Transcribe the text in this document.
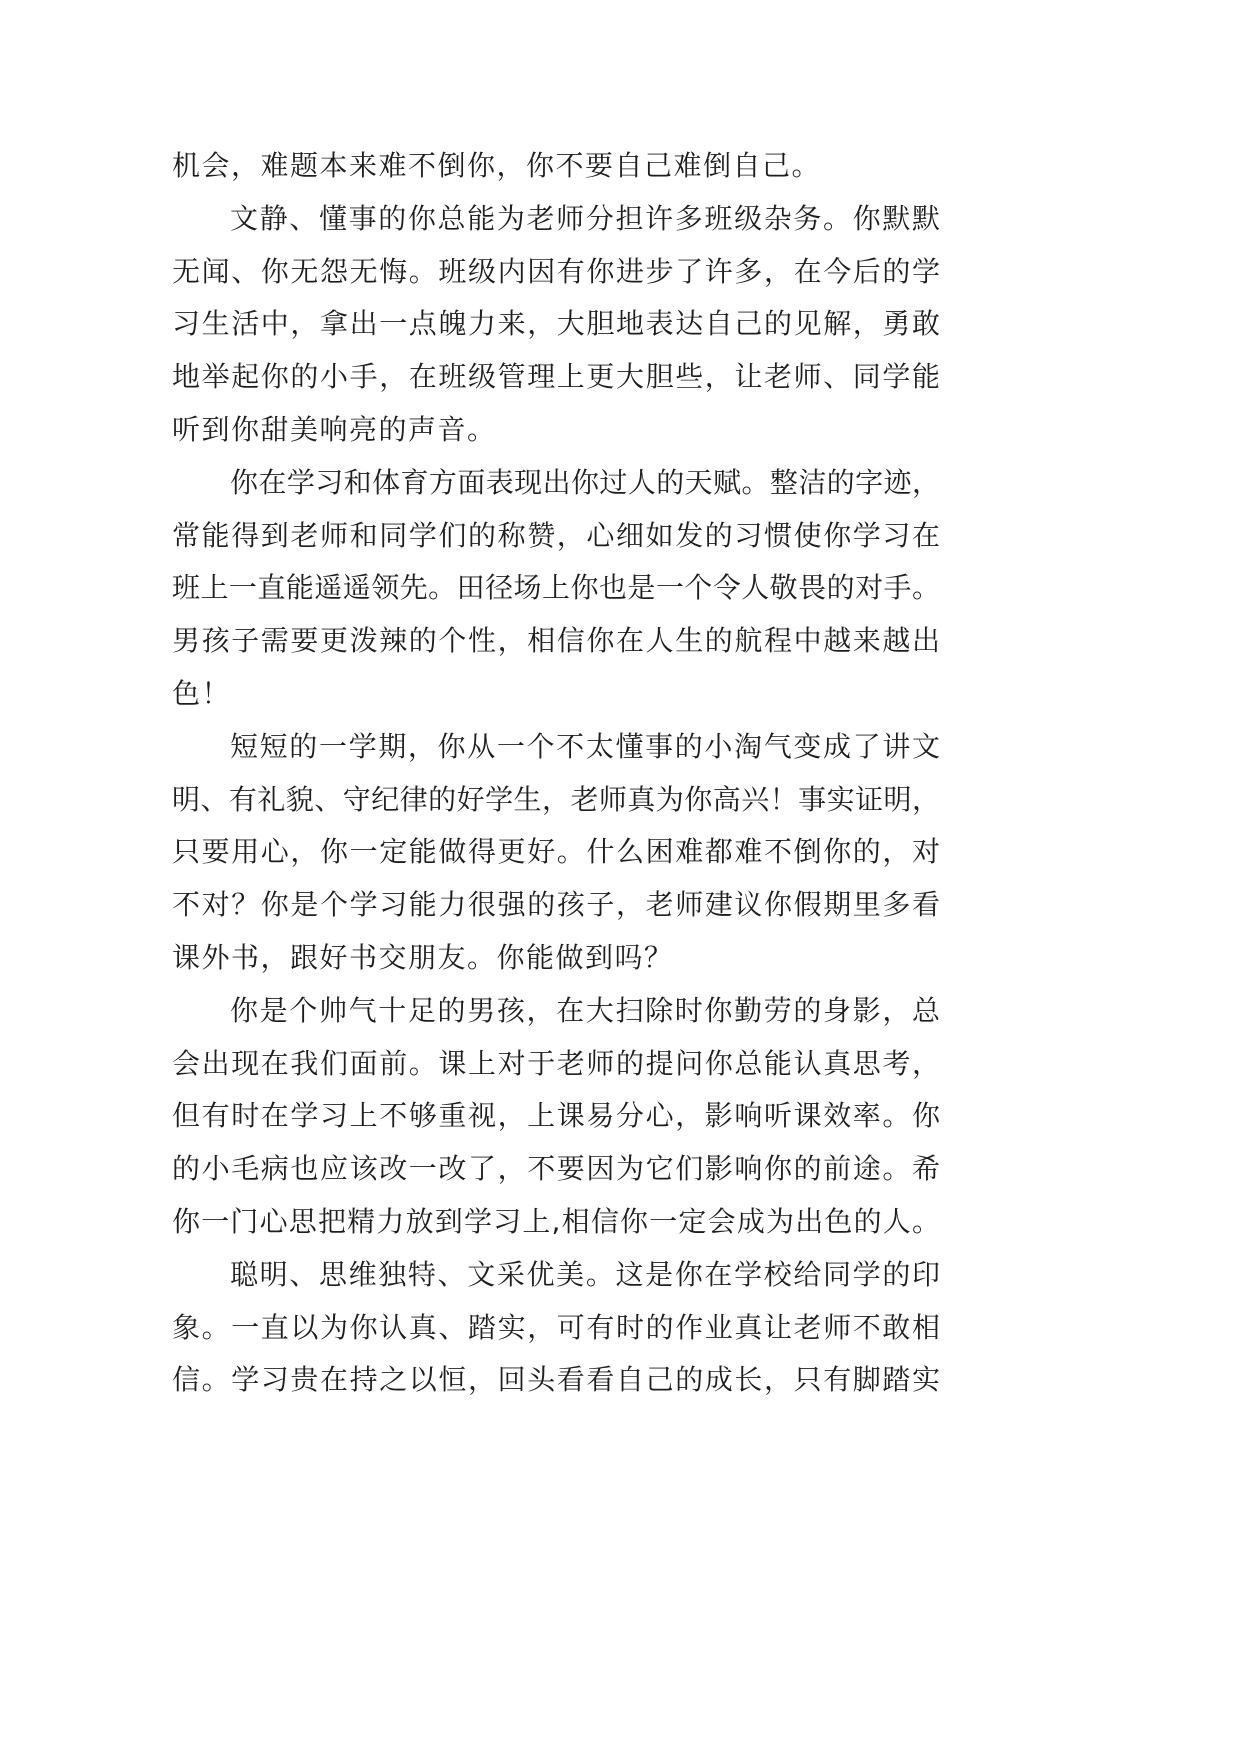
机会，难题本来难不倒你，你不要自己难倒自己。
文静、懂事的你总能为老师分担许多班级杂务。你默默
无闻、你无怨无悔。班级内因有你进步了许多，在今后的学
习生活中，拿出一点魄力来，大胆地表达自己的见解，勇敢
地举起你的小手，在班级管理上更大胆些，让老师、同学能
听到你甜美响亮的声音。
你在学习和体育方面表现出你过人的天赋。整洁的字迹，
常能得到老师和同学们的称赞，心细如发的习惯使你学习在
班上一直能遥遥领先。田径场上你也是一个令人敬畏的对手。
男孩子需要更泼辣的个性，相信你在人生的航程中越来越出
色！
短短的一学期，你从一个不太懂事的小淘气变成了讲文
明、有礼貌、守纪律的好学生，老师真为你高兴！事实证明，
只要用心，你一定能做得更好。什么困难都难不倒你的，对
不对？你是个学习能力很强的孩子，老师建议你假期里多看
课外书，跟好书交朋友。你能做到吗？
你是个帅气十足的男孩，在大扫除时你勤劳的身影，总
会出现在我们面前。课上对于老师的提问你总能认真思考，
但有时在学习上不够重视，上课易分心，影响听课效率。你
的小毛病也应该改一改了，不要因为它们影响你的前途。希
你一门心思把精力放到学习上,相信你一定会成为出色的人。
聪明、思维独特、文采优美。这是你在学校给同学的印
象。一直以为你认真、踏实，可有时的作业真让老师不敢相
信。学习贵在持之以恒，回头看看自己的成长，只有脚踏实
